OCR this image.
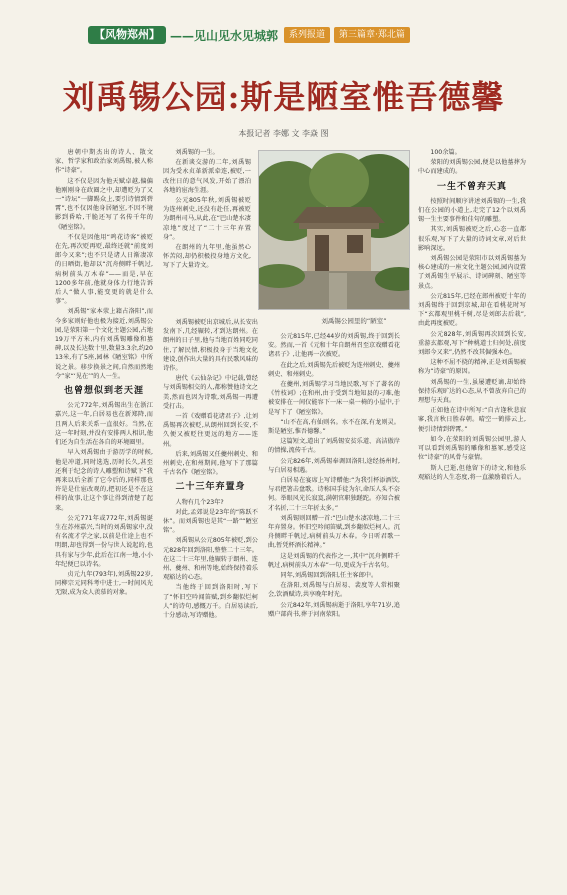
【风物郑州】 ——见山见水见城郭	系列报道	第三篇章·郑北篇
刘禹锡公园:斯是陋室惟吾德馨
本报记者 李娜 文 李焱 图

唐朝中期杰出的诗人、散文家、哲学家和政治家刘禹锡,被人称作“诗豪”。

这不仅是因为他天赋卓越,偏偏他刚刚身在政圈之中,却遭贬为了又一“诗坛”一脚踢众上,要引诗情到碧霄”,也不仅因他身居陋室,不因不境影到昏哈,干脆还写了名传千年的《陋室铭》。

不仅是因他用“鸣花诗客”被贬在先,再次贬再贬,最终还就“前度刘郎今又来”;也不只是诸人日渐凄凉的日晒街,他却以“沉舟侧畔千帆过,病树前头万木春”——而是,早在1200多年前,他就身体力行地告诉后人“做人事,能变更的就是什么事”。

刘禹锡“家本荥上籍占洛阳”,而今多家则好他也极为接近,刘禹锡公园,是荥阳第一个文化主题公园,占地19万平方米,内有刘禹锡雕像和墓碑,以及长达数十里,数量3.3余,约20 13米,有了5座,园林《陋室铭》中所说之景。移步换景之间,自然而然地令”家“‘见在’”的人一生。

也曾想似到老天涯

公元772年,刘禹锡出生在浙江嘉兴,这一年,白居易也在新郑降,而且两人后来关系一直很好。当然,在这一年时刻,并没有安排两人相识,他们还为自生活在各自的环境圈里。

早入刘禹锡由于游历学的时候,他是冲道,同时选选,历时长久,甚至还利于纪念的诗人雕塑和诗赋下“我再来以后全新了它今后的,同样那也许是是仕宦改观的,把初还是不在这样的故事,让这个事让得到清楚了起来。

公元771年或772年,刘禹锡诞生在苏州嘉兴,当时的刘禹锡家中,没有名流才学之家,以前是仕途上也不明朗,却也得到一份与世人说起的,也具有家与少年,此后在江南一地,小小年纪便已以诗名。

贞元九年(793年),刘禹锡22岁,同柳宗元同科考中进士,一时间风光无限,成为众人羡慕的对象。

刘禹锡公园里的“陋室”

刘禹锡的一生。

在新谈交游的二年,刘禹锡因为受永贞革新派牵连,被贬,一改往日的意气风发,开始了漂泊各地的宦海生涯。

公元805年秋,刘禹锡被贬为连州刺史,还没有赴任,再被贬为朗州司马,从此,在“巴山楚水凄凉地”度过了“二十三年弃置身”。

在朗州的九年里,他虽然心怀苦闷,却仍积极投身地方文化,写下了大量诗文。

刘禹锡被贬出京城后,从长安出发南下,几经辗转,才到达朗州。在朗州的日子里,他与当地百姓同吃同住,了解民情,积极投身于当地文化建设,创作出大量的具有民歌风味的诗作。

唐代《云仙杂记》中记载,曾经与刘禹锡相交的人,都称赞他诗文之美,然而也因为诗歌,刘禹锡一再遭受打击。

一首《戏赠看花诸君子》,让刘禹锡再次被贬,从朗州回到长安,不久便又被贬往更远的地方——连州。

后来,刘禹锡又任夔州刺史、和州刺史,在和州期间,他写下了那篇千古名作《陋室铭》。

二十三年弃置身

人物有几个23年?

对此,孟郊说是23年的“陈跃不休”。而刘禹锡也是其“一路”“陋室铭”。

刘禹锡从公元805年被贬,到公元828年回到洛阳,整整二十三年。在这二十三年里,他辗转于朗州、连州、夔州、和州等地,始终保持着乐观豁达的心态。

当他终于回到洛阳时,写下了“怀旧空吟闻笛赋,到乡翻似烂柯人”的诗句,感慨万千。白居易读后,十分感动,写诗赠他。

公元815年,已经44岁的刘禹锡,终于回到长安。然而,一首《元和十年自朗州召至京戏赠看花诸君子》,让他再一次被贬。

在此之后,刘禹锡先后被贬为连州刺史、夔州刺史、和州刺史。

在夔州,刘禹锡学习当地民歌,写下了著名的《竹枝词》;在和州,由于受到当地知县的刁难,他被安排在一间仅能容下一床一桌一椅的小屋中,于是写下了《陋室铭》。

“山不在高,有仙则名。水不在深,有龙则灵。斯是陋室,惟吾德馨。”

这篇短文,道出了刘禹锡安贫乐道、高洁傲岸的情操,流传千古。

公元826年,刘禹锡奉调回洛阳,途经扬州时,与白居易相遇。

白居易在宴席上写诗赠他:“为我引杯添酒饮,与君把箸击盘歌。诗称国手徒为尔,命压人头不奈何。举眼风光长寂寞,满朝官职独蹉跎。亦知合被才名折,二十三年折太多。”

刘禹锡则回赠一首:“巴山楚水凄凉地,二十三年弃置身。怀旧空吟闻笛赋,到乡翻似烂柯人。沉舟侧畔千帆过,病树前头万木春。今日听君歌一曲,暂凭杯酒长精神。”

这是刘禹锡的代表作之一,其中“沉舟侧畔千帆过,病树前头万木春”一句,更成为千古名句。

同年,刘禹锡回到洛阳,任主客郎中。

在洛阳,刘禹锡与白居易、裴度等人常相聚会,饮酒赋诗,共享晚年时光。

公元842年,刘禹锡病逝于洛阳,享年71岁,追赠户部尚书,葬于河南荥阳。

100余篇。

荥阳的刘禹锡公园,便是以他墓葬为中心而建成的。

一生不曾弃天真

按照时间顺序讲述刘禹锡的一生,我们在公园的小道上,走完了12个以刘禹锡一生主要事件和佳句的雕塑。

其实,刘禹锡被贬之后,心态一直都很乐观,写下了大量的诗词文章,对后世影响深远。

刘禹锡公园是荥阳市以刘禹锡墓为核心建成的一座文化主题公园,园内设置了刘禹锡生平展示、诗词碑刻、陋室等景点。

公元815年,已经在郎州被贬十年的刘禹锡终于回到京城,却在看桃花时写下“玄都观里桃千树,尽是刘郎去后栽”,由此再度被贬。

公元828年,刘禹锡再次回到长安,重游玄都观,写下“种桃道士归何处,前度刘郎今又来”,仍然不改其倔强本色。

这种不屈不挠的精神,正是刘禹锡被称为“诗豪”的原因。

刘禹锡的一生,虽屡遭贬谪,却始终保持乐观旷达的心态,从不曾放弃自己的理想与天真。

正如他在诗中所写:“自古逢秋悲寂寥,我言秋日胜春朝。晴空一鹤排云上,便引诗情到碧霄。”

如今,在荥阳的刘禹锡公园里,游人可以看到刘禹锡的雕像和墓冢,感受这位“诗豪”的风骨与豪情。

斯人已逝,但他留下的诗文,和他乐观豁达的人生态度,将一直激励着后人。
